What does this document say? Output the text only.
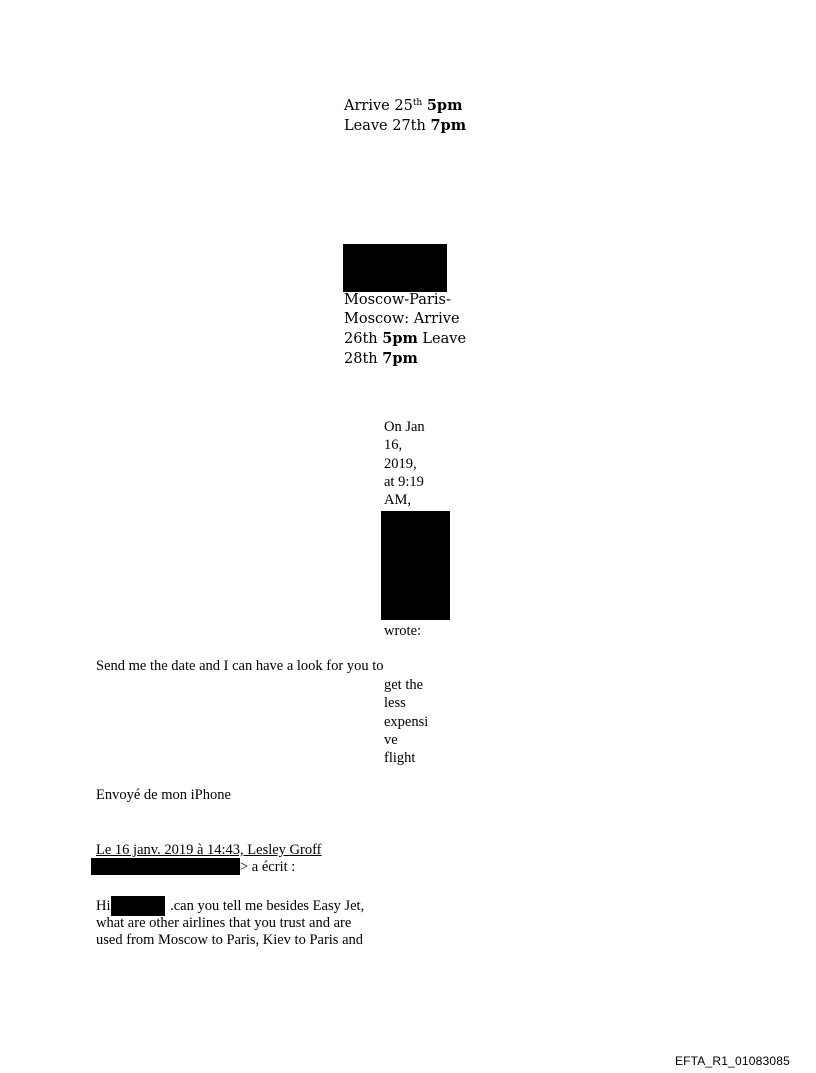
Arrive 25th 5pm
Leave 27th 7pm
Moscow-Paris-
Moscow: Arrive
26th 5pm Leave
28th 7pm
On Jan
16,
2019,
at 9:19
AM,
wrote:
Send me the date and I can have a look for you to
get the
less
expensi
ve
flight
Envoyé de mon iPhone
Le 16 janv. 2019 à 14:43, Lesley Groff
> a écrit :
Hi	.can you tell me besides Easy Jet,
what are other airlines that you trust and are
used from Moscow to Paris, Kiev to Paris and
EFTA_R1_01083085
